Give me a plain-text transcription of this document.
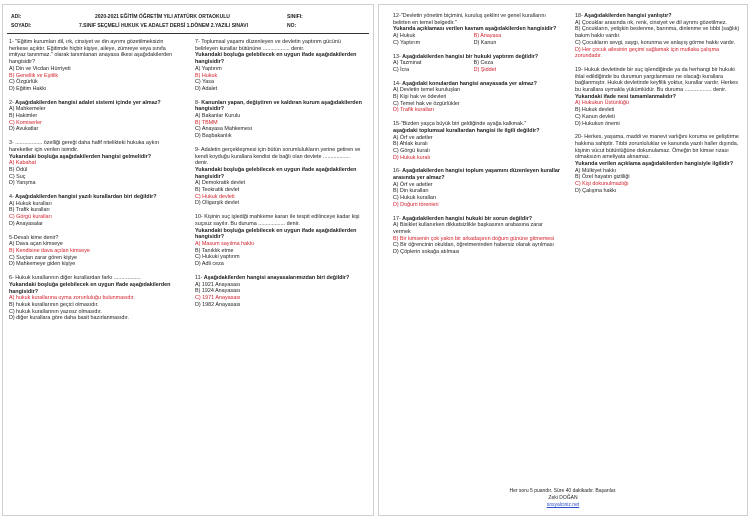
ADI:
SOYADI:
2020-2021 EĞİTİM ÖĞRETİM YILI ATATÜRK ORTAOKULU
7.SINIF SEÇMELİ HUKUK VE ADALET DERSİ 1.DÖNEM 2.YAZILI SINAVI
SINIFI:
NO:
1- "Eğitim kurumları dil, ırk, cinsiyet ve din ayrımı gözetilmeksizin herkese açıktır. Eğitimde hiçbir kişiye, aileye, zümreye veya sınıfa imtiyaz tanınmaz." olarak tanımlanan anayasa ilkesi aşağıdakilerden hangisidir?
A) Din ve Vicdan Hürriyeti
B) Genellik ve Eşitlik
C) Özgürlük
D) Eğitim Hakkı
2- Aşağıdakilerden hangisi adalet sistemi içinde yer almaz?
A) Mahkemeler
B) Hakimler
C) Komiserler
D) Avukatlar
3- .................. özelliği gereği daha hafif nitelikteki hukuka aykırı hareketler için verilen isimdir.
Yukarıdaki boşluğa aşağıdakilerden hangisi gelmelidir?
A) Kabahat
B) Ödül
C) Suç
D) Yanşma
4- Aşağıdakilerden hangisi yazılı kurallardan biri değildir?
A) Hukuk kuralları
B) Trafik kuralları
C) Görgü kuralları
D) Anayasalar
5-Devalı kime denir?
A) Dava açan kimseye
B) Kendisine dava açılan kimseye
C) Suçtan zarar gören kişiye
D) Mahkemeye giden kişiye
6- Hukuk kurallarının diğer kurallardan farkı ..................
Yukarıdaki boşluğa gelebilecek en uygun ifade aşağıdakilerden hangisidir?
A) hukuk kurallarına uyma zorunluluğu bulunmasıdır.
B) hukuk kurallarının geçici olmasıdır.
C) hukuk kurallarının yazısız olmasıdır.
D) diğer kurallara göre daha basit hazırlanmasıdır.
7- Toplumsal yaşamı düzenleyen ve devletin yaptırım gücünü belirleyen kurallar bütününe .................. denir.
Yukarıdaki boşluğa gelebilecek en uygun ifade aşağıdakilerden hangisidir?
A) Yaptırım
B) Hukuk
C) Yasa
D) Adalet
8- Kanunları yapan, değiştiren ve kaldıran kurum aşağıdakilerden hangisidir?
A) Bakanlar Kurulu
B) TBMM
C) Anayasa Mahkemesi
D) Başbakanlık
9- Adaletin gerçekleşmesi için bütün sorumlulukların yerine getiren ve kendi koyduğu kurallara kendisi de bağlı olan devlete .................. denir.
Yukarıdaki boşluğa gelebilecek en uygun ifade aşağıdakilerden hangisidir?
A) Demokratik devlet
B) Teokratik devlet
C) Hukuk devleti
D) Oligarşik devlet
10- Kişinin suç işlediği mahkeme kararı ile tespit edilinceye kadar kişi suçsuz sayılır. Bu duruma .................. denir.
Yukarıdaki boşluğa gelebilecek en uygun ifade aşağıdakilerden hangisidir?
A) Masum sayılma hakkı
B) Tanıklık etme
C) Hukuki yaptırım
D) Adli ceza
11- Aşağıdakilerden hangisi anayasalarımızdan biri değildir?
A) 1921 Anayasası
B) 1924 Anayasası
C) 1971 Anayasası
D) 1982 Anayasası
12-"Devletin yönetim biçimini, kuruluş şeklini ve genel kurallarını belirten en temel belgedir."
Yukarıda açıklaması verilen kavram aşağıdakilerden hangisidir?
A) Hukuk	B) AnayasaC) Yaptırım	D) Kanun
13- Aşağıdakilerden hangisi bir hukuki yaptırım değildir?
A) Tazminat	B) CezaC) İcra	D) Şiddet
14- Aşağıdaki konulardan hangisi anayasada yer almaz?
A) Devletin temel kuruluşları
B) Kişi hak ve ödevleri
C) Temel hak ve özgürlükler
D) Trafik kuralları
15-"Bizden yaşça büyük biri geldiğinde ayağa kalkmak."
aşağıdaki toplumsal kurallardan hangisi ile ilgili değildir?
A) Örf ve adetler
B) Ahlak kuralı
C) Görgü kuralı
D) Hukuk kuralı
16- Aşağıdakilerden hangisi toplum yaşamını düzenleyen kurallar arasında yer almaz?
A) Örf ve adetler
B) Din kuralları
C) Hukuk kuralları
D) Doğum törenleri
17- Aşağıdakilerden hangisi hukuki bir sorun değildir?
A) Bisiklet kullanırken dikkatsizlikle başkasının arabasına zarar vermek
B) Bir kimsenin çok yakın bir arkadaşının doğum gününe gitmemesi
C) Bir öğrencinin okuldan, öğretmeninden habersiz olarak ayrılması
D) Çöplerin sokağa atılması
18- Aşağıdakilerden hangisi yanlıştır?
A) Çocuklar arasında ırk, renk, cinsiyet ve dil ayrımı gözetilmez.
B) Çocukların, yetişkin beslenme, barınma, dinlenme ve tıbbi (sağlık) bakım hakkı vardır.
C) Çocukların sevgi, saygı, korunma ve anlayış görme hakkı vardır.
D) Her çocuk ailesinin geçimi sağlamak için mutlaka çalışma zorundadır.
19- Hukuk devletinde bir suç işlendiğinde ya da herhangi bir hukuki ihlal edildiğinde bu durumun yargılanması ne olacağı kurallara bağlanmıştır. Hukuk devletinde keyfilik yoktur, kurallar vardır. Herkes bu kurallara uymakla yükümlüdür. Bu duruma .................. denir.
Yukarıdaki ifade nesi tamamlanmalıdır?
A) Hukukun Üstünlüğü
B) Hukuk devleti
C) Kanun devleti
D) Hukukun önemi
20- Herkes, yaşama, maddi ve manevi varlığını koruma ve geliştirme hakkına sahiptir. Tıbbi zorunluluklar ve kanunda yazılı haller dışında, kişinin vücut bütünlüğüne dokunulamaz. Ömeğin bir kimse rızası olmaksızın ameliyata alınamaz.
Yukarıda verilen açıklama aşağıdakilerden hangisiyle ilgilidir?
A) Mülkiyet hakkı
B) Özel hayatın gizliliği
C) Kişi dokunulmazlığı
D) Çalışma hakkı
Her soru 5 puandır. Süre 40 dakikadır. Başarılar.
Zeki DOĞAN
sosyalciniz.net
